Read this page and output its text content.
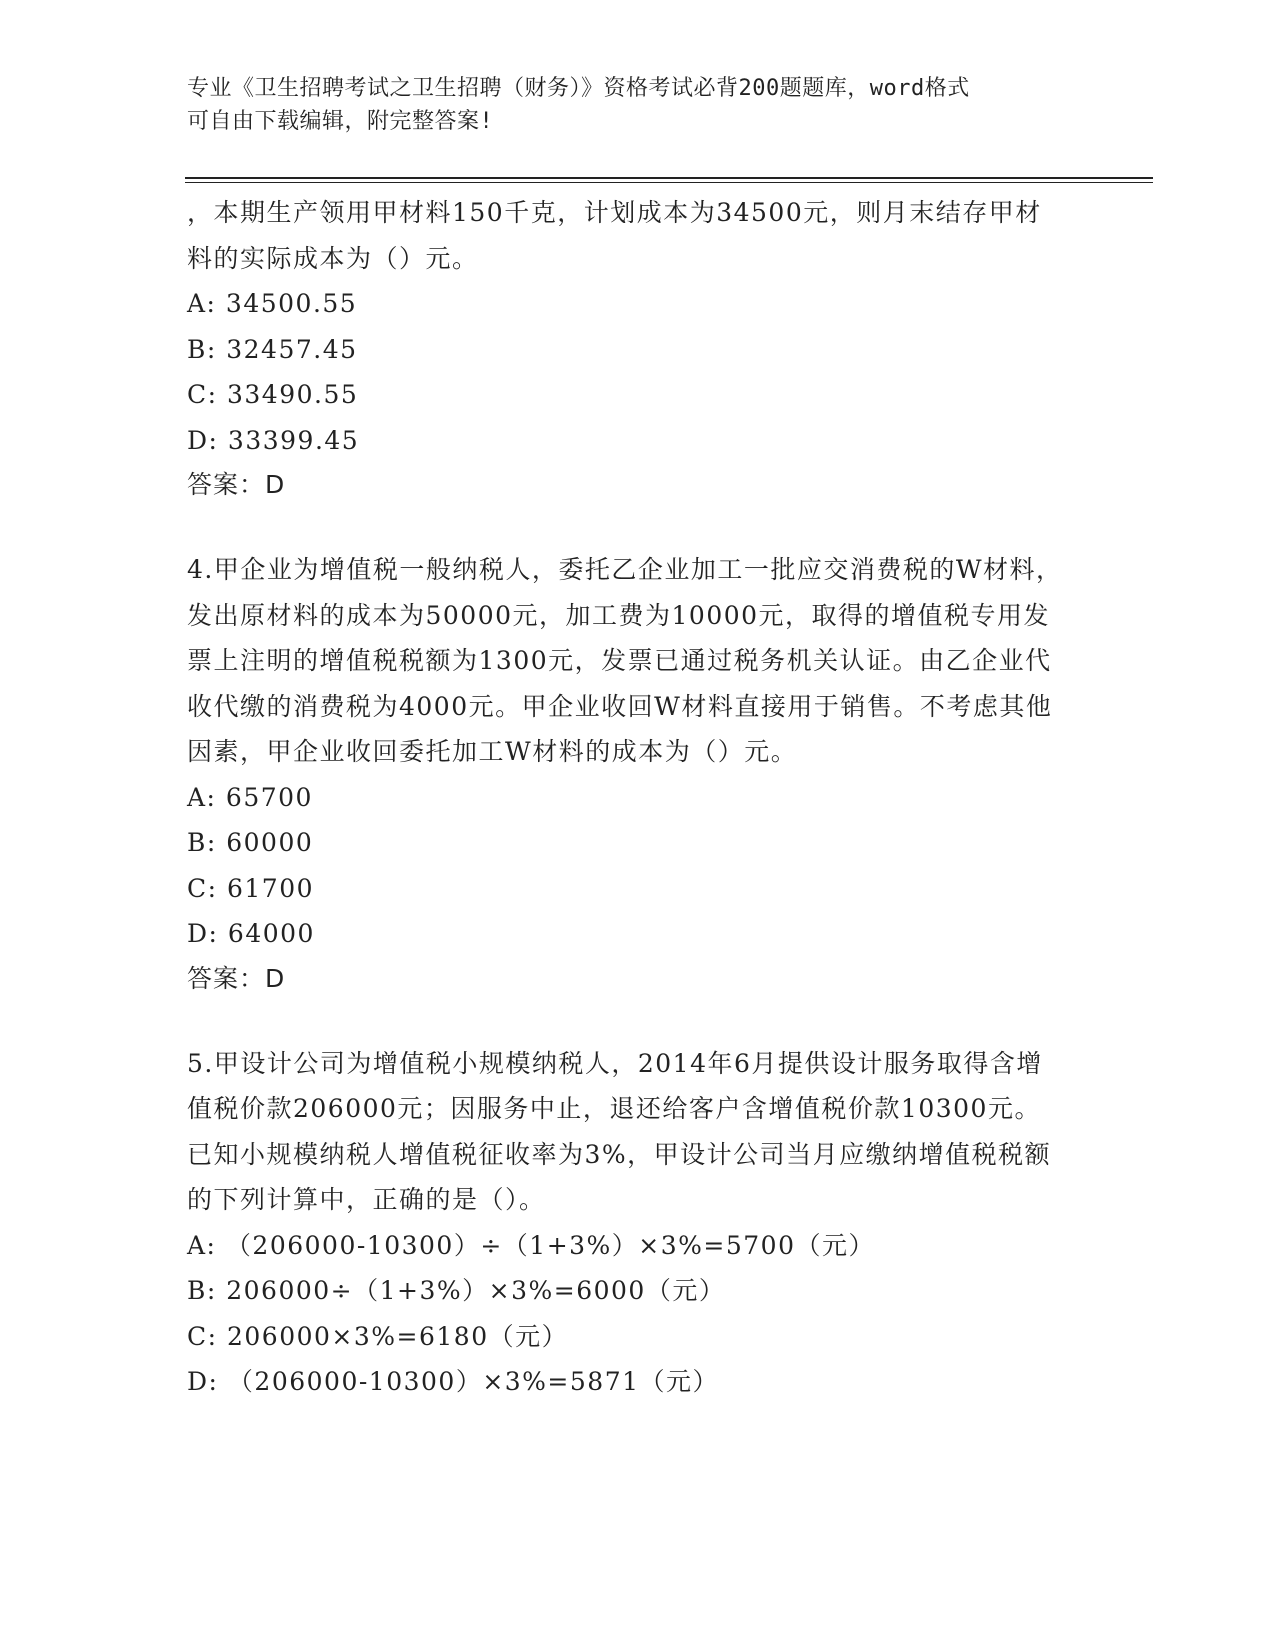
专业《卫生招聘考试之卫生招聘（财务）》资格考试必背200题题库，word格式
可自由下载编辑，附完整答案!

，本期生产领用甲材料150千克，计划成本为34500元，则月末结存甲材料的实际成本为（）元。

A: 34500.55

B: 32457.45

C: 33490.55

D: 33399.45

答案：D

4.甲企业为增值税一般纳税人，委托乙企业加工一批应交消费税的W材料，发出原材料的成本为50000元，加工费为10000元，取得的增值税专用发票上注明的增值税税额为1300元，发票已通过税务机关认证。由乙企业代收代缴的消费税为4000元。甲企业收回W材料直接用于销售。不考虑其他因素，甲企业收回委托加工W材料的成本为（）元。

A: 65700

B: 60000

C: 61700

D: 64000

答案：D

5.甲设计公司为增值税小规模纳税人，2014年6月提供设计服务取得含增值税价款206000元；因服务中止，退还给客户含增值税价款10300元。已知小规模纳税人增值税征收率为3%，甲设计公司当月应缴纳增值税税额的下列计算中，正确的是（）。

A: （206000-10300）÷（1+3%）×3%=5700（元）

B: 206000÷（1+3%）×3%=6000（元）

C: 206000×3%=6180（元）

D: （206000-10300）×3%=5871（元）
